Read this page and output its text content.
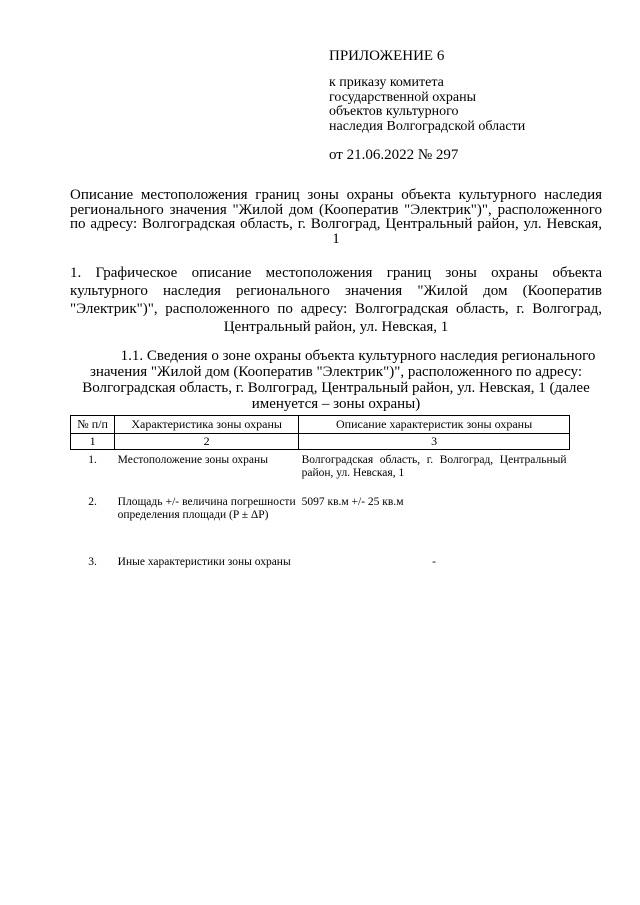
ПРИЛОЖЕНИЕ 6

к приказу комитета

государственной охраны

объектов культурного

наследия Волгоградской области

от 21.06.2022 № 297

Описание местоположения границ зоны охраны объекта культурного наследия регионального значения "Жилой дом (Кооператив "Электрик")", расположенного по адресу: Волгоградская область, г. Волгоград, Центральный район, ул. Невская, 1

1. Графическое описание местоположения границ зоны охраны объекта культурного наследия регионального значения "Жилой дом (Кооператив "Электрик")", расположенного по адресу: Волгоградская область, г. Волгоград, Центральный район, ул. Невская, 1

1.1. Сведения о зоне охраны объекта культурного наследия регионального значения "Жилой дом (Кооператив "Электрик")", расположенного по адресу: Волгоградская область, г. Волгоград, Центральный район, ул. Невская, 1 (далее именуется – зоны охраны)

№ п/п	Характеристика зоны охраны	Описание характеристик зоны охраны
1	2	3
1.	Местоположение зоны охраны	Волгоградская область, г. Волгоград, Центральный район, ул. Невская, 1
2.	Площадь +/- величина погрешности определения площади (P ± ΔP)	5097 кв.м +/- 25 кв.м
3.	Иные характеристики зоны охраны	-
